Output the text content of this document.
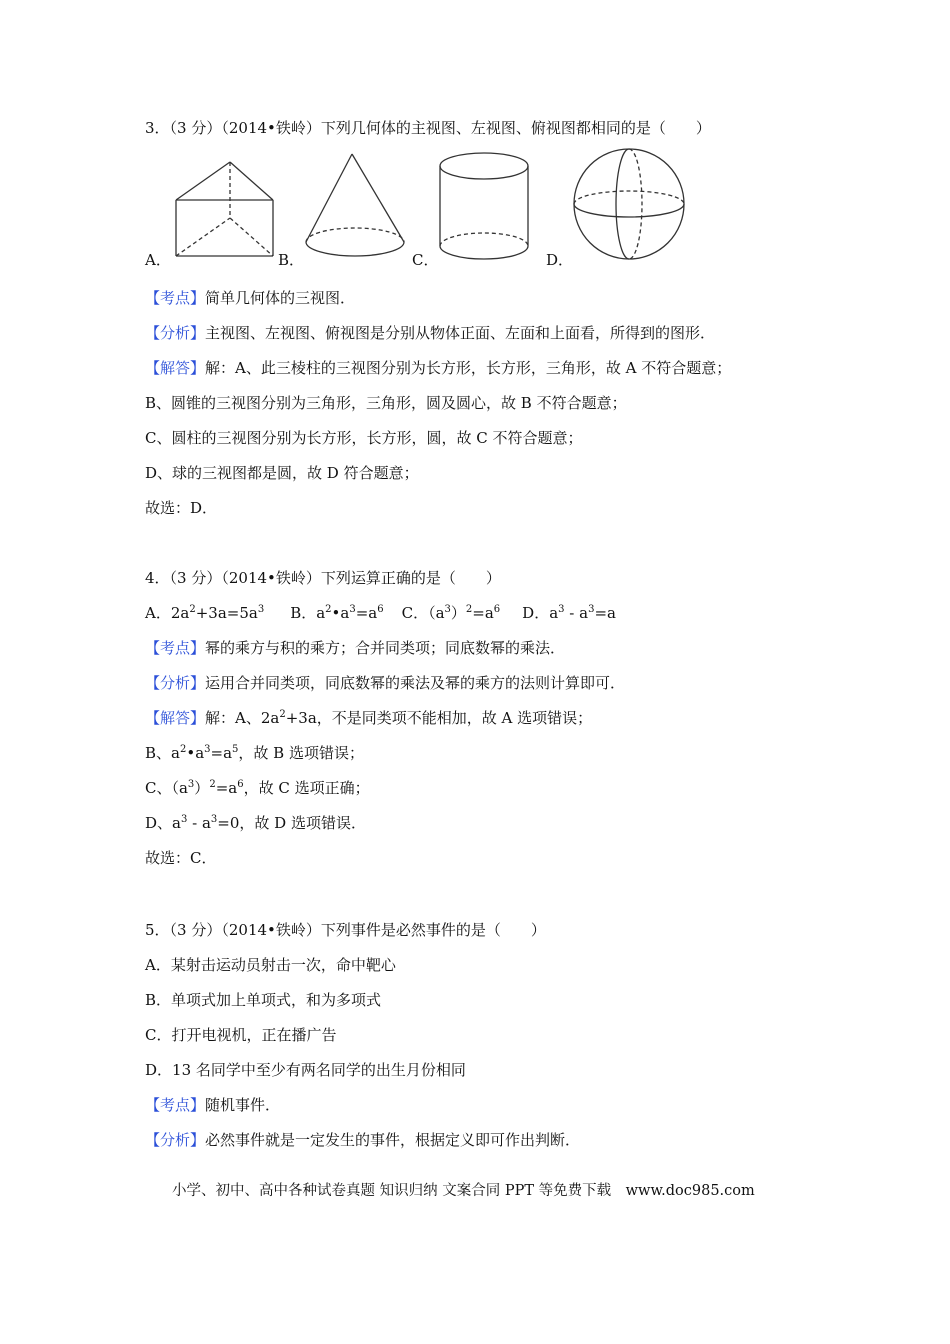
3．（3 分）（2014•铁岭）下列几何体的主视图、左视图、俯视图都相同的是（　　）
A．	B．	C．	D．
【考点】简单几何体的三视图．
【分析】主视图、左视图、俯视图是分别从物体正面、左面和上面看，所得到的图形．
【解答】解：A、此三棱柱的三视图分别为长方形，长方形，三角形，故 A 不符合题意；
B、圆锥的三视图分别为三角形，三角形，圆及圆心，故 B 不符合题意；
C、圆柱的三视图分别为长方形，长方形，圆，故 C 不符合题意；
D、球的三视图都是圆，故 D 符合题意；
故选：D．
4．（3 分）（2014•铁岭）下列运算正确的是（　　）
A．$2a^2+3a=5a^3$ B．$a^2•a^3=a^6$ C．$(a^3)^2=a^6$ D．$a^3 - a^3=a$
【考点】幂的乘方与积的乘方；合并同类项；同底数幂的乘法．
【分析】运用合并同类项，同底数幂的乘法及幂的乘方的法则计算即可．
【解答】解：A、$2a^2+3a$，不是同类项不能相加，故 A 选项错误；
B、$a^2•a^3=a^5$，故 B 选项错误；
C、$(a^3)^2=a^6$，故 C 选项正确；
D、$a^3 - a^3=0$，故 D 选项错误．
故选：C．
5．（3 分）（2014•铁岭）下列事件是必然事件的是（　　）
A．某射击运动员射击一次，命中靶心
B．单项式加上单项式，和为多项式
C．打开电视机，正在播广告
D．13 名同学中至少有两名同学的出生月份相同
【考点】随机事件．
【分析】必然事件就是一定发生的事件，根据定义即可作出判断．
小学、初中、高中各种试卷真题 知识归纳 文案合同 PPT 等免费下载　www.doc985.com
